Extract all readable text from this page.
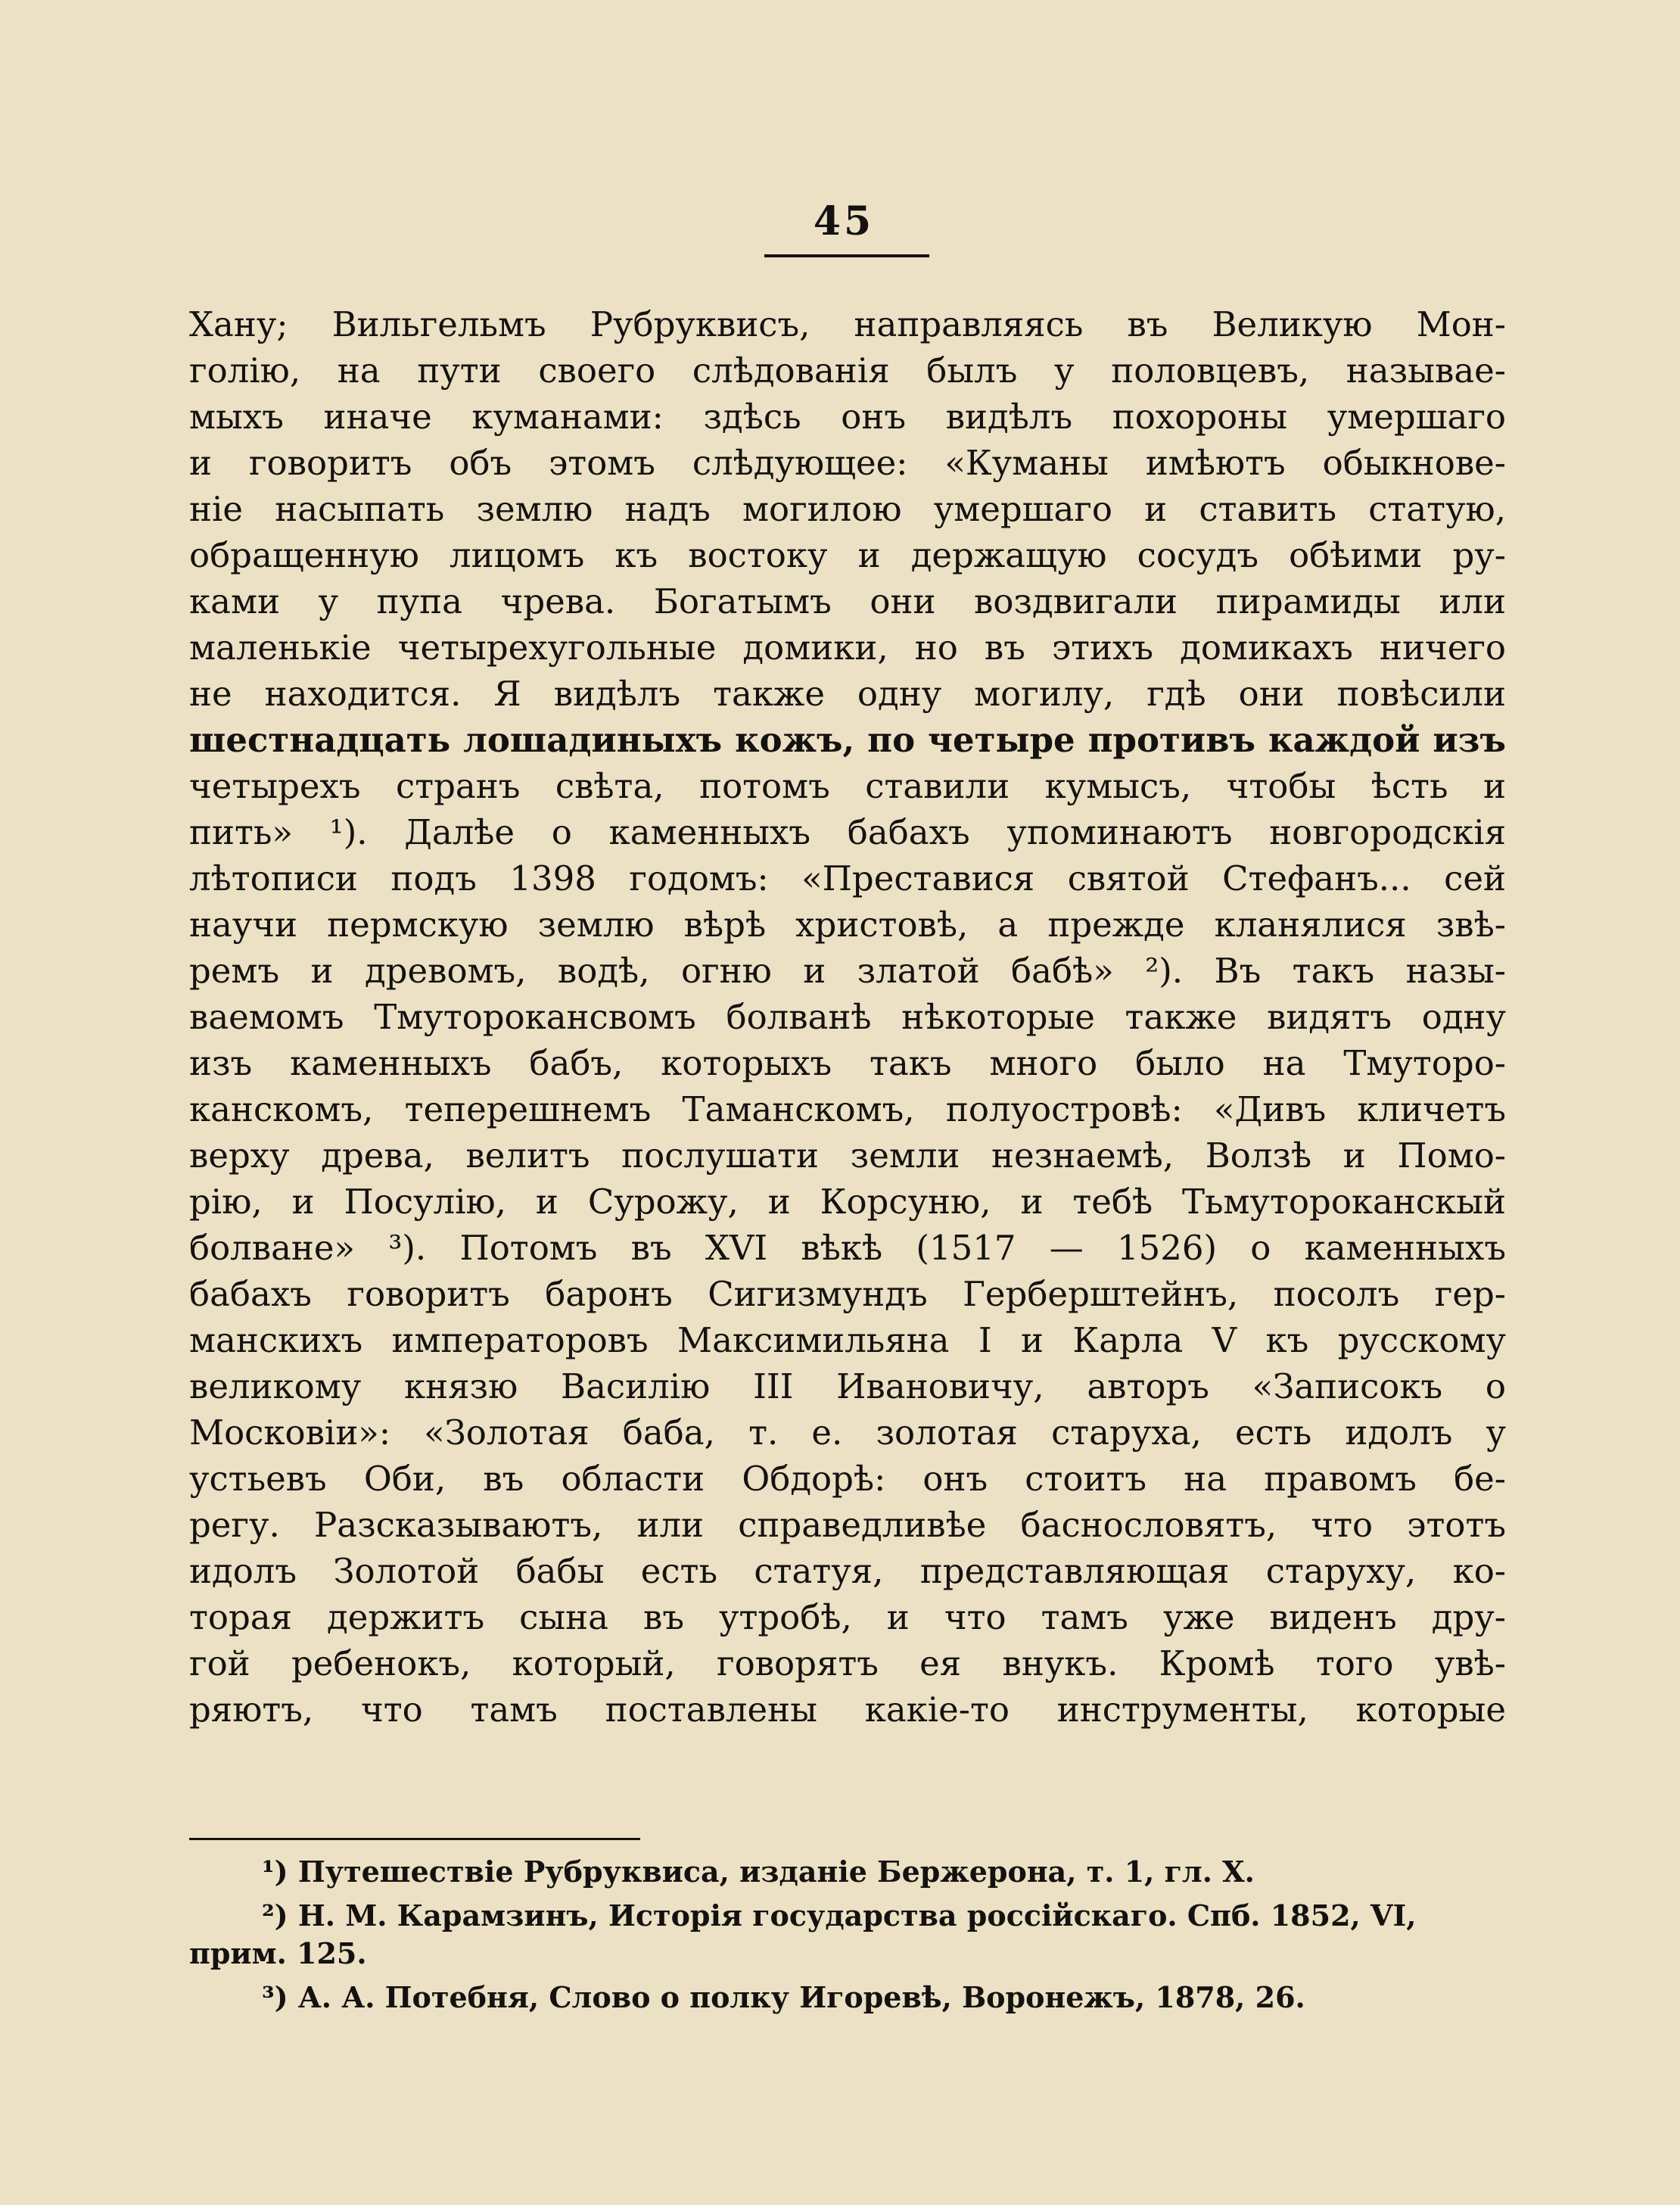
45
Хану; Вильгельмъ Рубруквисъ, направляясь въ Великую Мон-
голію, на пути своего слѣдованія былъ у половцевъ, называе-
мыхъ иначе куманами: здѣсь онъ видѣлъ похороны умершаго
и говоритъ объ этомъ слѣдующее: «Куманы имѣютъ обыкнове-
ніе насыпать землю надъ могилою умершаго и ставить статую,
обращенную лицомъ къ востоку и держащую сосудъ обѣими ру-
ками у пупа чрева. Богатымъ они воздвигали пирамиды или
маленькіе четырехугольные домики, но въ этихъ домикахъ ничего
не находится. Я видѣлъ также одну могилу, гдѣ они повѣсили
шестнадцать лошадиныхъ кожъ, по четыре противъ каждой изъ
четырехъ странъ свѣта, потомъ ставили кумысъ, чтобы ѣсть и
пить» ¹). Далѣе о каменныхъ бабахъ упоминаютъ новгородскія
лѣтописи подъ 1398 годомъ: «Преставися святой Стефанъ... сей
научи пермскую землю вѣрѣ христовѣ, а прежде кланялися звѣ-
ремъ и древомъ, водѣ, огню и златой бабѣ» ²). Въ такъ назы-
ваемомъ Тмуторокансвомъ болванѣ нѣкоторые также видятъ одну
изъ каменныхъ бабъ, которыхъ такъ много было на Тмуторо-
канскомъ, теперешнемъ Таманскомъ, полуостровѣ: «Дивъ кличетъ
верху древа, велитъ послушати земли незнаемѣ, Волзѣ и Помо-
рію, и Посулію, и Сурожу, и Корсуню, и тебѣ Тьмутороканскый
болване» ³). Потомъ въ XVI вѣкѣ (1517 — 1526) о каменныхъ
бабахъ говоритъ баронъ Сигизмундъ Герберштейнъ, посолъ гер-
манскихъ императоровъ Максимильяна I и Карла V къ русскому
великому князю Василію III Ивановичу, авторъ «Записокъ о
Московіи»: «Золотая баба, т. е. золотая старуха, есть идолъ у
устьевъ Оби, въ области Обдорѣ: онъ стоитъ на правомъ бе-
регу. Разсказываютъ, или справедливѣе баснословятъ, что этотъ
идолъ Золотой бабы есть статуя, представляющая старуху, ко-
торая держитъ сына въ утробѣ, и что тамъ уже виденъ дру-
гой ребенокъ, который, говорятъ ея внукъ. Кромѣ того увѣ-
ряютъ, что тамъ поставлены какіе-то инструменты, которые
¹) Путешествіе Рубруквиса, изданіе Бержерона, т. 1, гл. X.
²) Н. М. Карамзинъ, Исторія государства россійскаго. Спб. 1852, VI,
прим. 125.
³) А. А. Потебня, Слово о полку Игоревѣ, Воронежъ, 1878, 26.
